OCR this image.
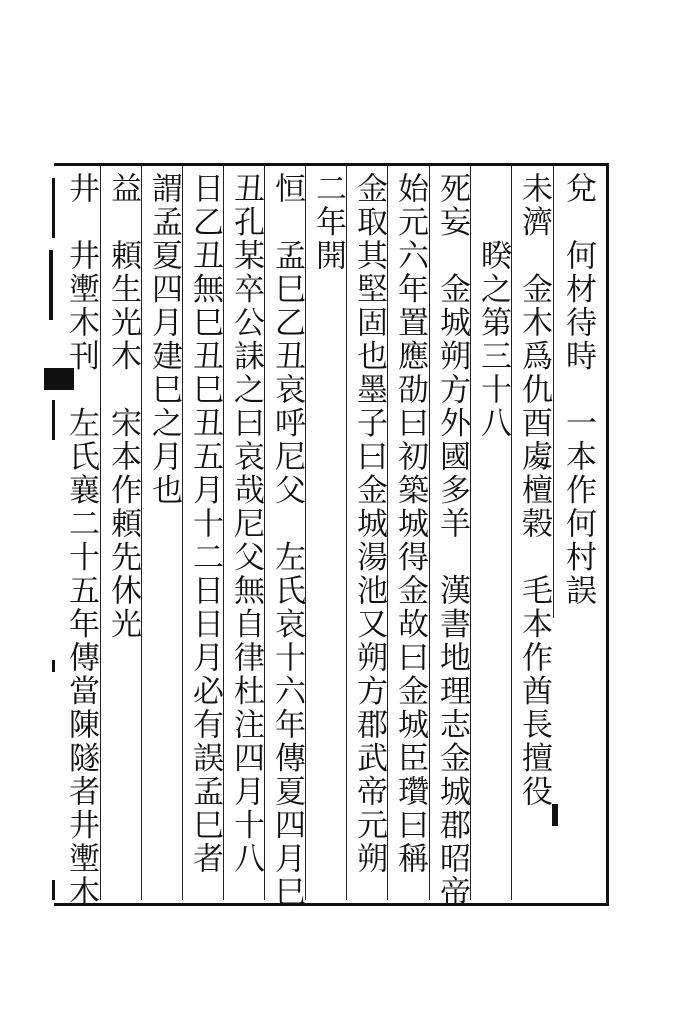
兌　何材待時　一本作何村誤
未濟　金木爲仇酉䖏檀榖　毛本作酋長擅役
　　睽之第三十八
死妄　金城朔方外國多羊　漢書地理志金城郡昭帝
始元六年置應劭曰初築城得金故曰金城臣瓚曰稱
金取其堅固也墨子曰金城湯池又朔方郡武帝元朔
二年開
恒　孟巳乙丑哀呼尼父　左氏哀十六年傳夏四月巳
丑孔某卒公誄之曰哀哉尼父無自律杜注四月十八
日乙丑無巳丑巳丑五月十二日日月必有誤孟巳者
謂孟夏四月建巳之月也
益　頼生光木　宋本作頼先休光
井　井壍木刊　左氏襄二十五年傳當陳隧者井壍木
